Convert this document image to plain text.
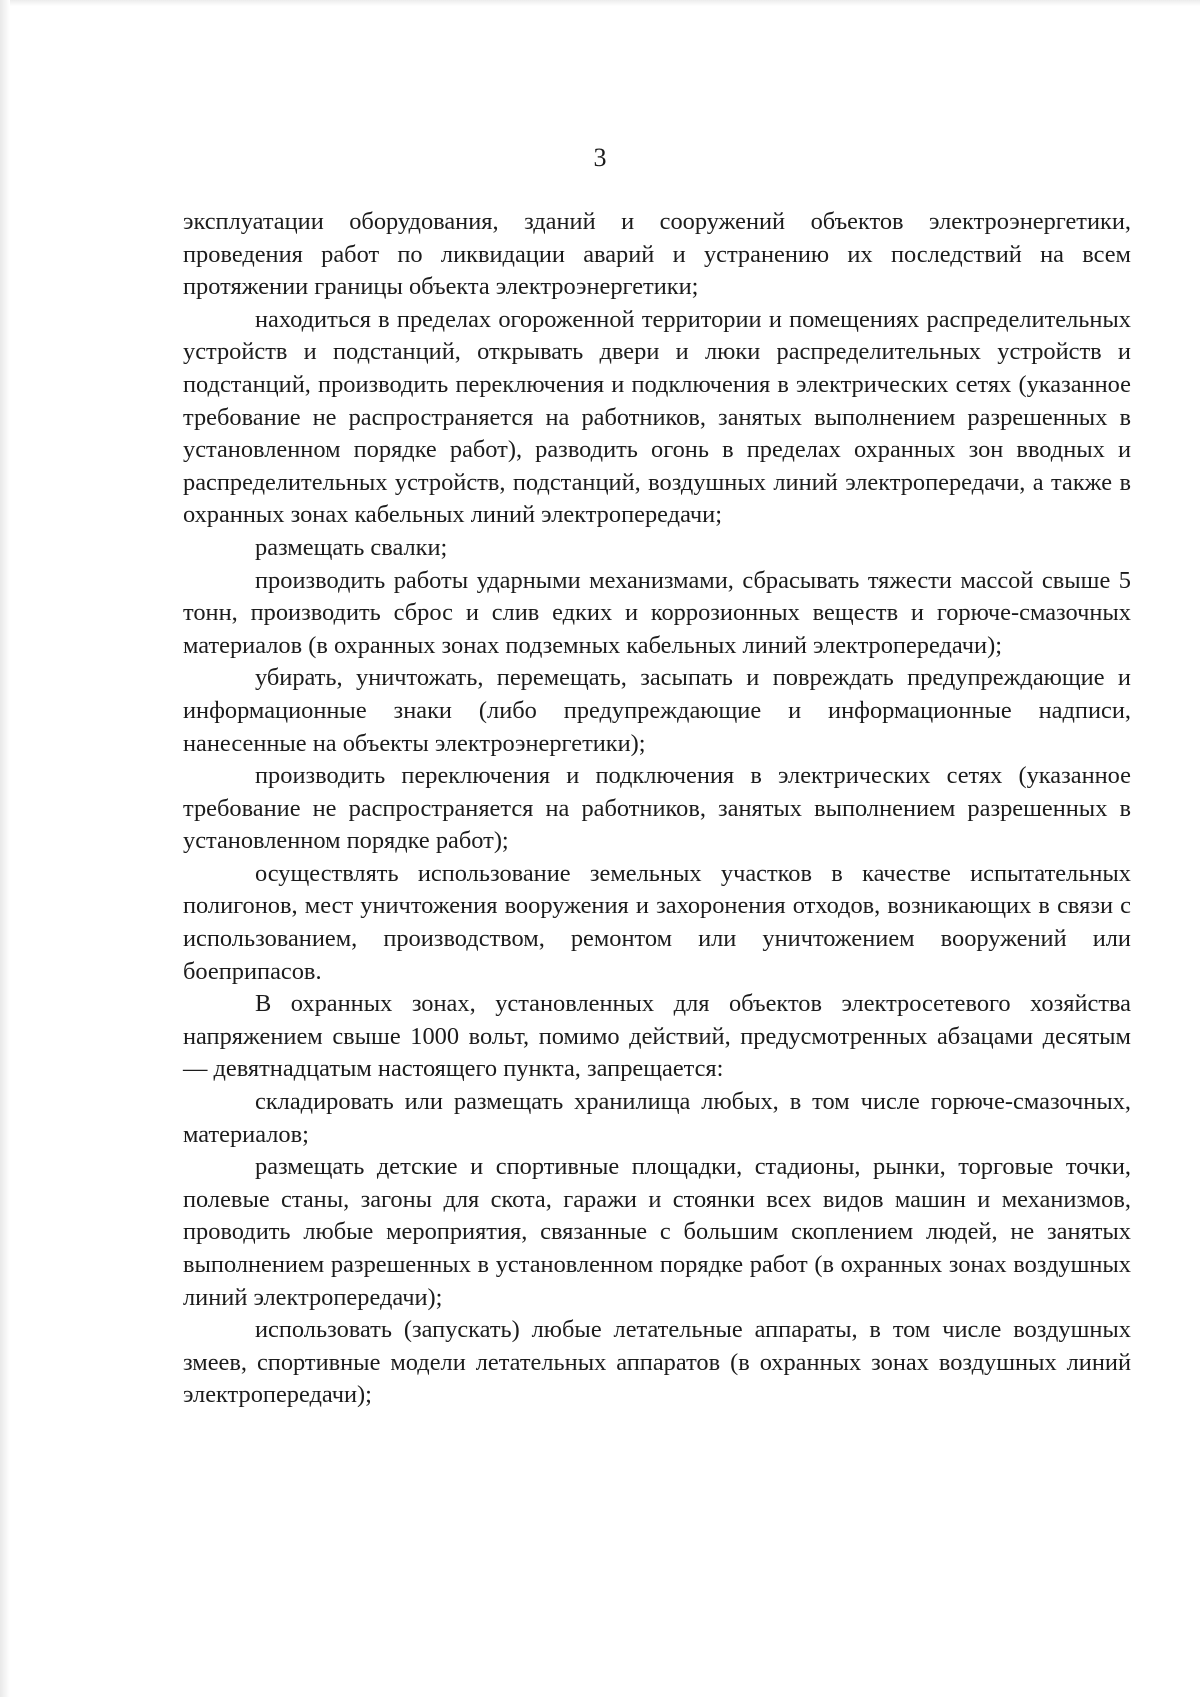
3

эксплуатации оборудования, зданий и сооружений объектов электроэнергетики, проведения работ по ликвидации аварий и устранению их последствий на всем протяжении границы объекта электроэнергетики;

находиться в пределах огороженной территории и помещениях распределительных устройств и подстанций, открывать двери и люки распределительных устройств и подстанций, производить переключения и подключения в электрических сетях (указанное требование не распространяется на работников, занятых выполнением разрешенных в установленном порядке работ), разводить огонь в пределах охранных зон вводных и распределительных устройств, подстанций, воздушных линий электропередачи, а также в охранных зонах кабельных линий электропередачи;

размещать свалки;

производить работы ударными механизмами, сбрасывать тяжести массой свыше 5 тонн, производить сброс и слив едких и коррозионных веществ и горюче-смазочных материалов (в охранных зонах подземных кабельных линий электропередачи);

убирать, уничтожать, перемещать, засыпать и повреждать предупреждающие и информационные знаки (либо предупреждающие и информационные надписи, нанесенные на объекты электроэнергетики);

производить переключения и подключения в электрических сетях (указанное требование не распространяется на работников, занятых выполнением разрешенных в установленном порядке работ);

осуществлять использование земельных участков в качестве испытательных полигонов, мест уничтожения вооружения и захоронения отходов, возникающих в связи с использованием, производством, ремонтом или уничтожением вооружений или боеприпасов.

В охранных зонах, установленных для объектов электросетевого хозяйства напряжением свыше 1000 вольт, помимо действий, предусмотренных абзацами десятым — девятнадцатым настоящего пункта, запрещается:

складировать или размещать хранилища любых, в том числе горюче-смазочных, материалов;

размещать детские и спортивные площадки, стадионы, рынки, торговые точки, полевые станы, загоны для скота, гаражи и стоянки всех видов машин и механизмов, проводить любые мероприятия, связанные с большим скоплением людей, не занятых выполнением разрешенных в установленном порядке работ (в охранных зонах воздушных линий электропередачи);

использовать (запускать) любые летательные аппараты, в том числе воздушных змеев, спортивные модели летательных аппаратов (в охранных зонах воздушных линий электропередачи);
